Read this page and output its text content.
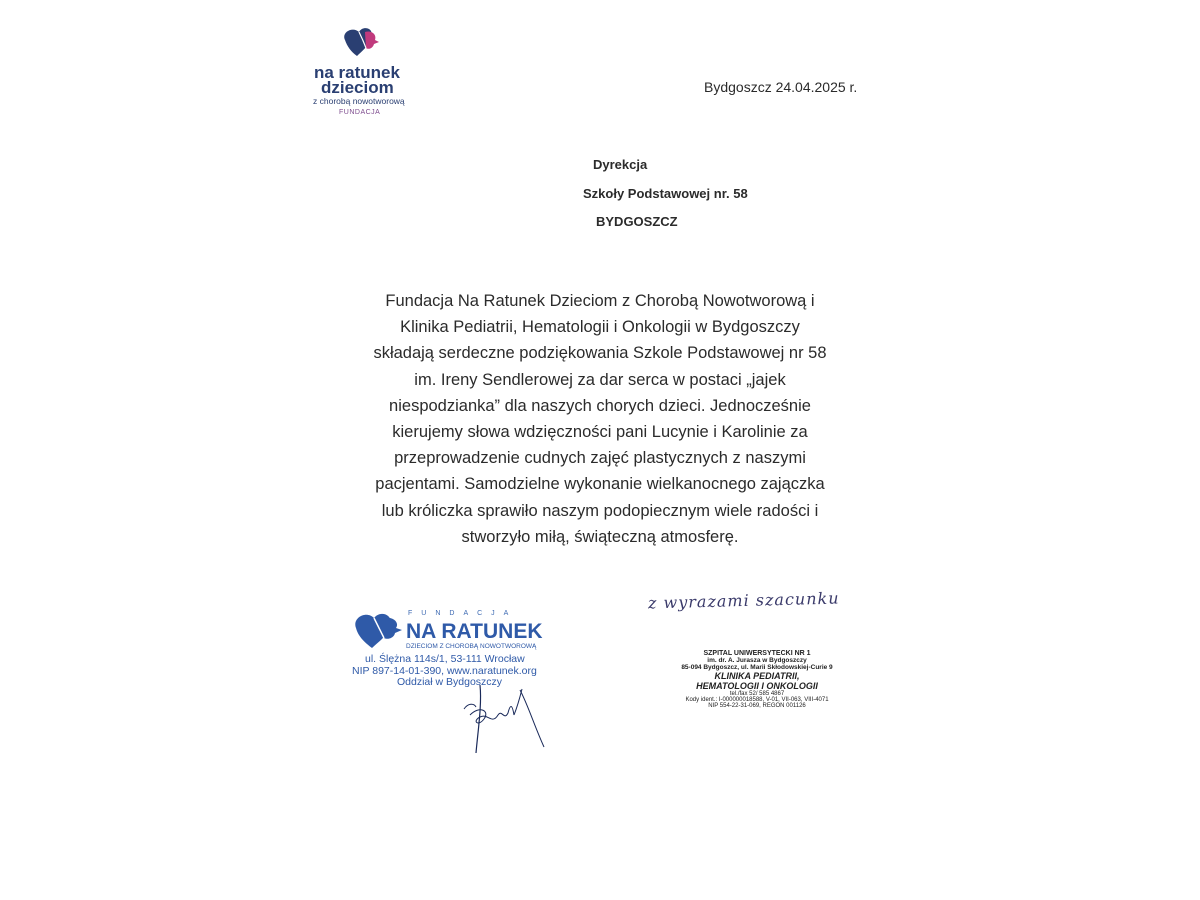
na ratunek
dzieciom
z chorobą nowotworową
FUNDACJA
Bydgoszcz 24.04.2025 r.
Dyrekcja
Szkoły Podstawowej nr. 58
BYDGOSZCZ
Fundacja Na Ratunek Dzieciom z Chorobą Nowotworową i
Klinika Pediatrii, Hematologii i Onkologii w Bydgoszczy
składają serdeczne podziękowania Szkole Podstawowej nr 58
im. Ireny Sendlerowej za dar serca w postaci „jajek
niespodzianka” dla naszych chorych dzieci. Jednocześnie
kierujemy słowa wdzięczności pani Lucynie i Karolinie za
przeprowadzenie cudnych zajęć plastycznych z naszymi
pacjentami. Samodzielne wykonanie wielkanocnego zajączka
lub króliczka sprawiło naszym podopiecznym wiele radości i
stworzyło miłą, świąteczną atmosferę.
z wyrazami szacunku
FUNDACJA
NA RATUNEK
DZIECIOM Z CHOROBĄ NOWOTWOROWĄ
ul. Ślężna 114s/1, 53-111 Wrocław
NIP 897-14-01-390, www.naratunek.org
Oddział w Bydgoszczy
SZPITAL UNIWERSYTECKI NR 1
im. dr. A. Jurasza w Bydgoszczy
85-094 Bydgoszcz, ul. Marii Skłodowskiej-Curie 9
KLINIKA PEDIATRII,
HEMATOLOGII I ONKOLOGII
tel./fax 52/ 585 4867
Kody ident.: I-000000018588, V-01, VII-063, VIII-4071
NIP 554-22-31-069, REGON 001126
